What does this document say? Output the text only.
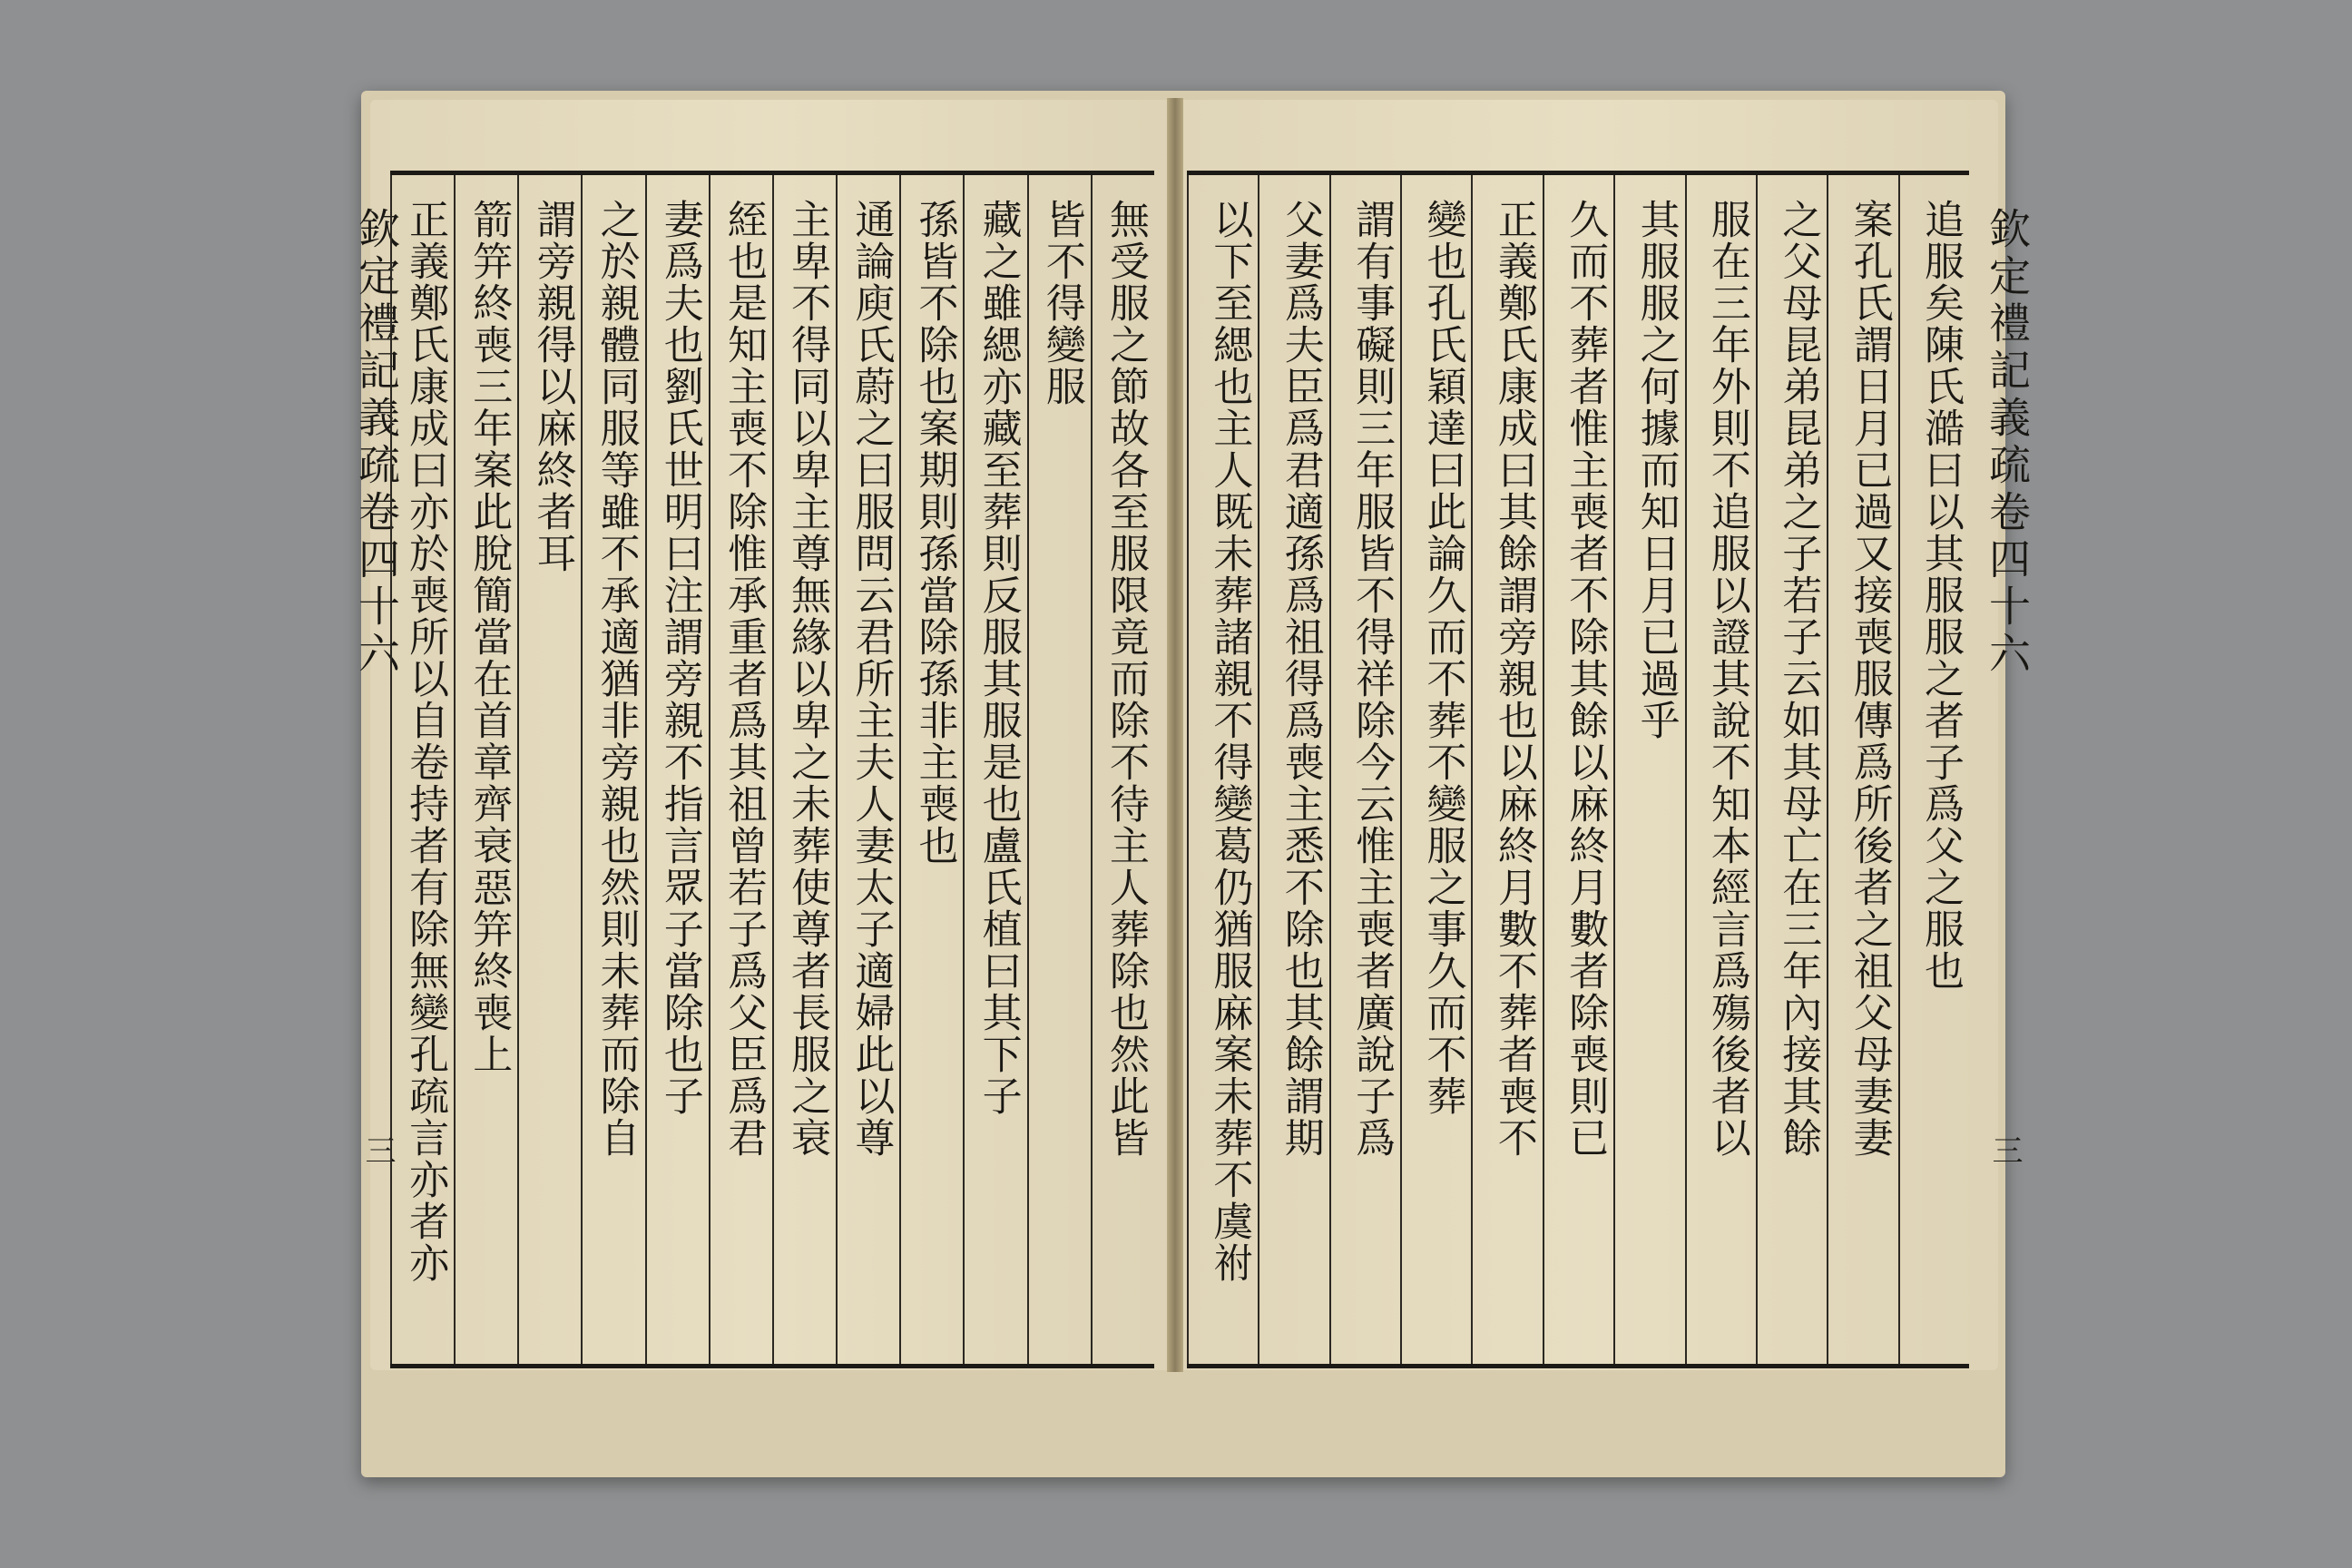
欽定禮記義疏卷四十六
三	無受服之節故各至服限竟而除不待主人葬除也然此皆
皆不得變服
藏之雖緦亦藏至葬則反服其服是也盧氏植曰其下子
孫皆不除也案期則孫當除孫非主喪也
通論庾氏蔚之曰服問云君所主夫人妻太子適婦此以尊
主卑不得同以卑主尊無緣以卑之未葬使尊者長服之衰
絰也是知主喪不除惟承重者爲其祖曾若子爲父臣爲君
妻爲夫也劉氏世明曰注謂旁親不指言眾子當除也子
之於親體同服等雖不承適猶非旁親也然則未葬而除自
謂旁親得以麻終者耳
箭笄終喪三年案此脫簡當在首章齊衰惡笄終喪上
正義鄭氏康成曰亦於喪所以自卷持者有除無變孔疏言亦者亦	追服矣陳氏澔曰以其服服之者子爲父之服也
案孔氏謂日月已過又接喪服傳爲所後者之祖父母妻妻
之父母昆弟昆弟之子若子云如其母亡在三年內接其餘
服在三年外則不追服以證其說不知本經言爲殤後者以
其服服之何據而知日月已過乎
久而不葬者惟主喪者不除其餘以麻終月數者除喪則已
正義鄭氏康成曰其餘謂旁親也以麻終月數不葬者喪不
變也孔氏穎達曰此論久而不葬不變服之事久而不葬
謂有事礙則三年服皆不得祥除今云惟主喪者廣說子爲
父妻爲夫臣爲君適孫爲祖得爲喪主悉不除也其餘謂期
以下至緦也主人既未葬諸親不得變葛仍猶服麻案未葬不虞祔	欽定禮記義疏卷四十六
三
